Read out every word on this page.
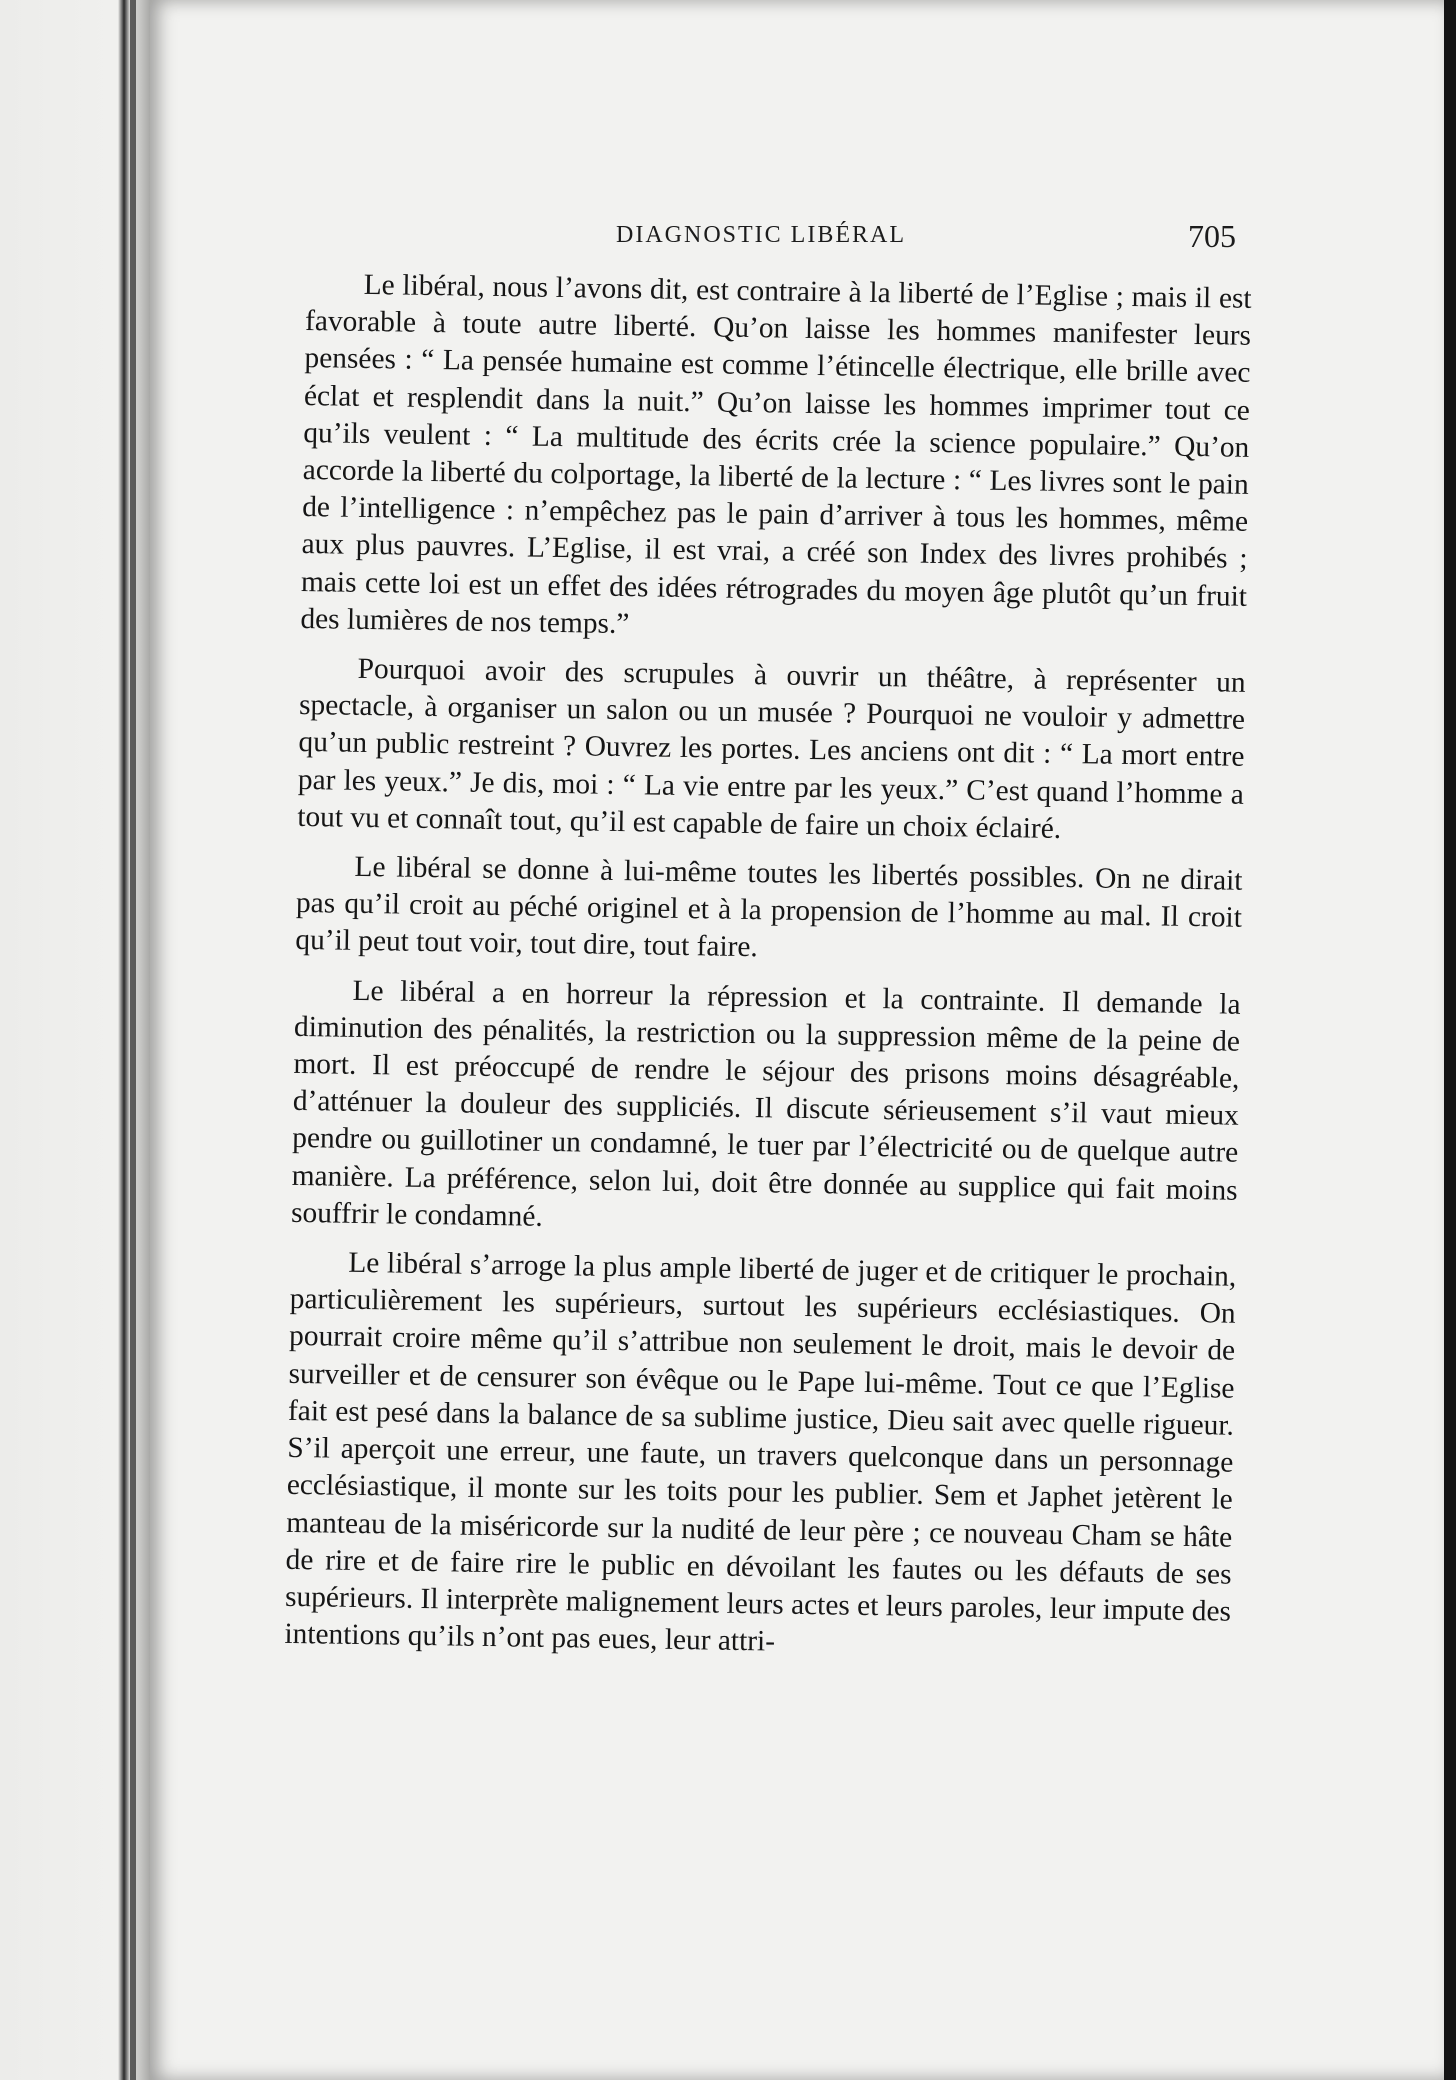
DIAGNOSTIC LIBÉRAL	705

Le libéral, nous l’avons dit, est contraire à la liberté de l’Eglise ; mais il est favorable à toute autre liberté. Qu’on laisse les hommes manifester leurs pensées : “ La pensée humaine est comme l’étincelle électrique, elle brille avec éclat et resplendit dans la nuit.” Qu’on laisse les hommes imprimer tout ce qu’ils veulent : “ La multitude des écrits crée la science populaire.” Qu’on accorde la liberté du colportage, la liberté de la lecture : “ Les livres sont le pain de l’intelligence : n’empêchez pas le pain d’arriver à tous les hommes, même aux plus pauvres. L’Eglise, il est vrai, a créé son Index des livres prohibés ; mais cette loi est un effet des idées rétrogrades du moyen âge plutôt qu’un fruit des lumières de nos temps.”

Pourquoi avoir des scrupules à ouvrir un théâtre, à représenter un spectacle, à organiser un salon ou un musée ? Pourquoi ne vouloir y admettre qu’un public restreint ? Ouvrez les portes. Les anciens ont dit : “ La mort entre par les yeux.” Je dis, moi : “ La vie entre par les yeux.” C’est quand l’homme a tout vu et connaît tout, qu’il est capable de faire un choix éclairé.

Le libéral se donne à lui-même toutes les libertés possibles. On ne dirait pas qu’il croit au péché originel et à la propension de l’homme au mal. Il croit qu’il peut tout voir, tout dire, tout faire.

Le libéral a en horreur la répression et la contrainte. Il demande la diminution des pénalités, la restriction ou la suppression même de la peine de mort. Il est préoccupé de rendre le séjour des prisons moins désagréable, d’atténuer la douleur des suppliciés. Il discute sérieusement s’il vaut mieux pendre ou guillotiner un condamné, le tuer par l’électricité ou de quelque autre manière. La préférence, selon lui, doit être donnée au supplice qui fait moins souffrir le condamné.

Le libéral s’arroge la plus ample liberté de juger et de critiquer le prochain, particulièrement les supérieurs, surtout les supérieurs ecclésiastiques. On pourrait croire même qu’il s’attribue non seulement le droit, mais le devoir de surveiller et de censurer son évêque ou le Pape lui-même. Tout ce que l’Eglise fait est pesé dans la balance de sa sublime justice, Dieu sait avec quelle rigueur. S’il aperçoit une erreur, une faute, un travers quelconque dans un personnage ecclésiastique, il monte sur les toits pour les publier. Sem et Japhet jetèrent le manteau de la miséricorde sur la nudité de leur père ; ce nouveau Cham se hâte de rire et de faire rire le public en dévoilant les fautes ou les défauts de ses supérieurs. Il interprète malignement leurs actes et leurs paroles, leur impute des intentions qu’ils n’ont pas eues, leur attri-
